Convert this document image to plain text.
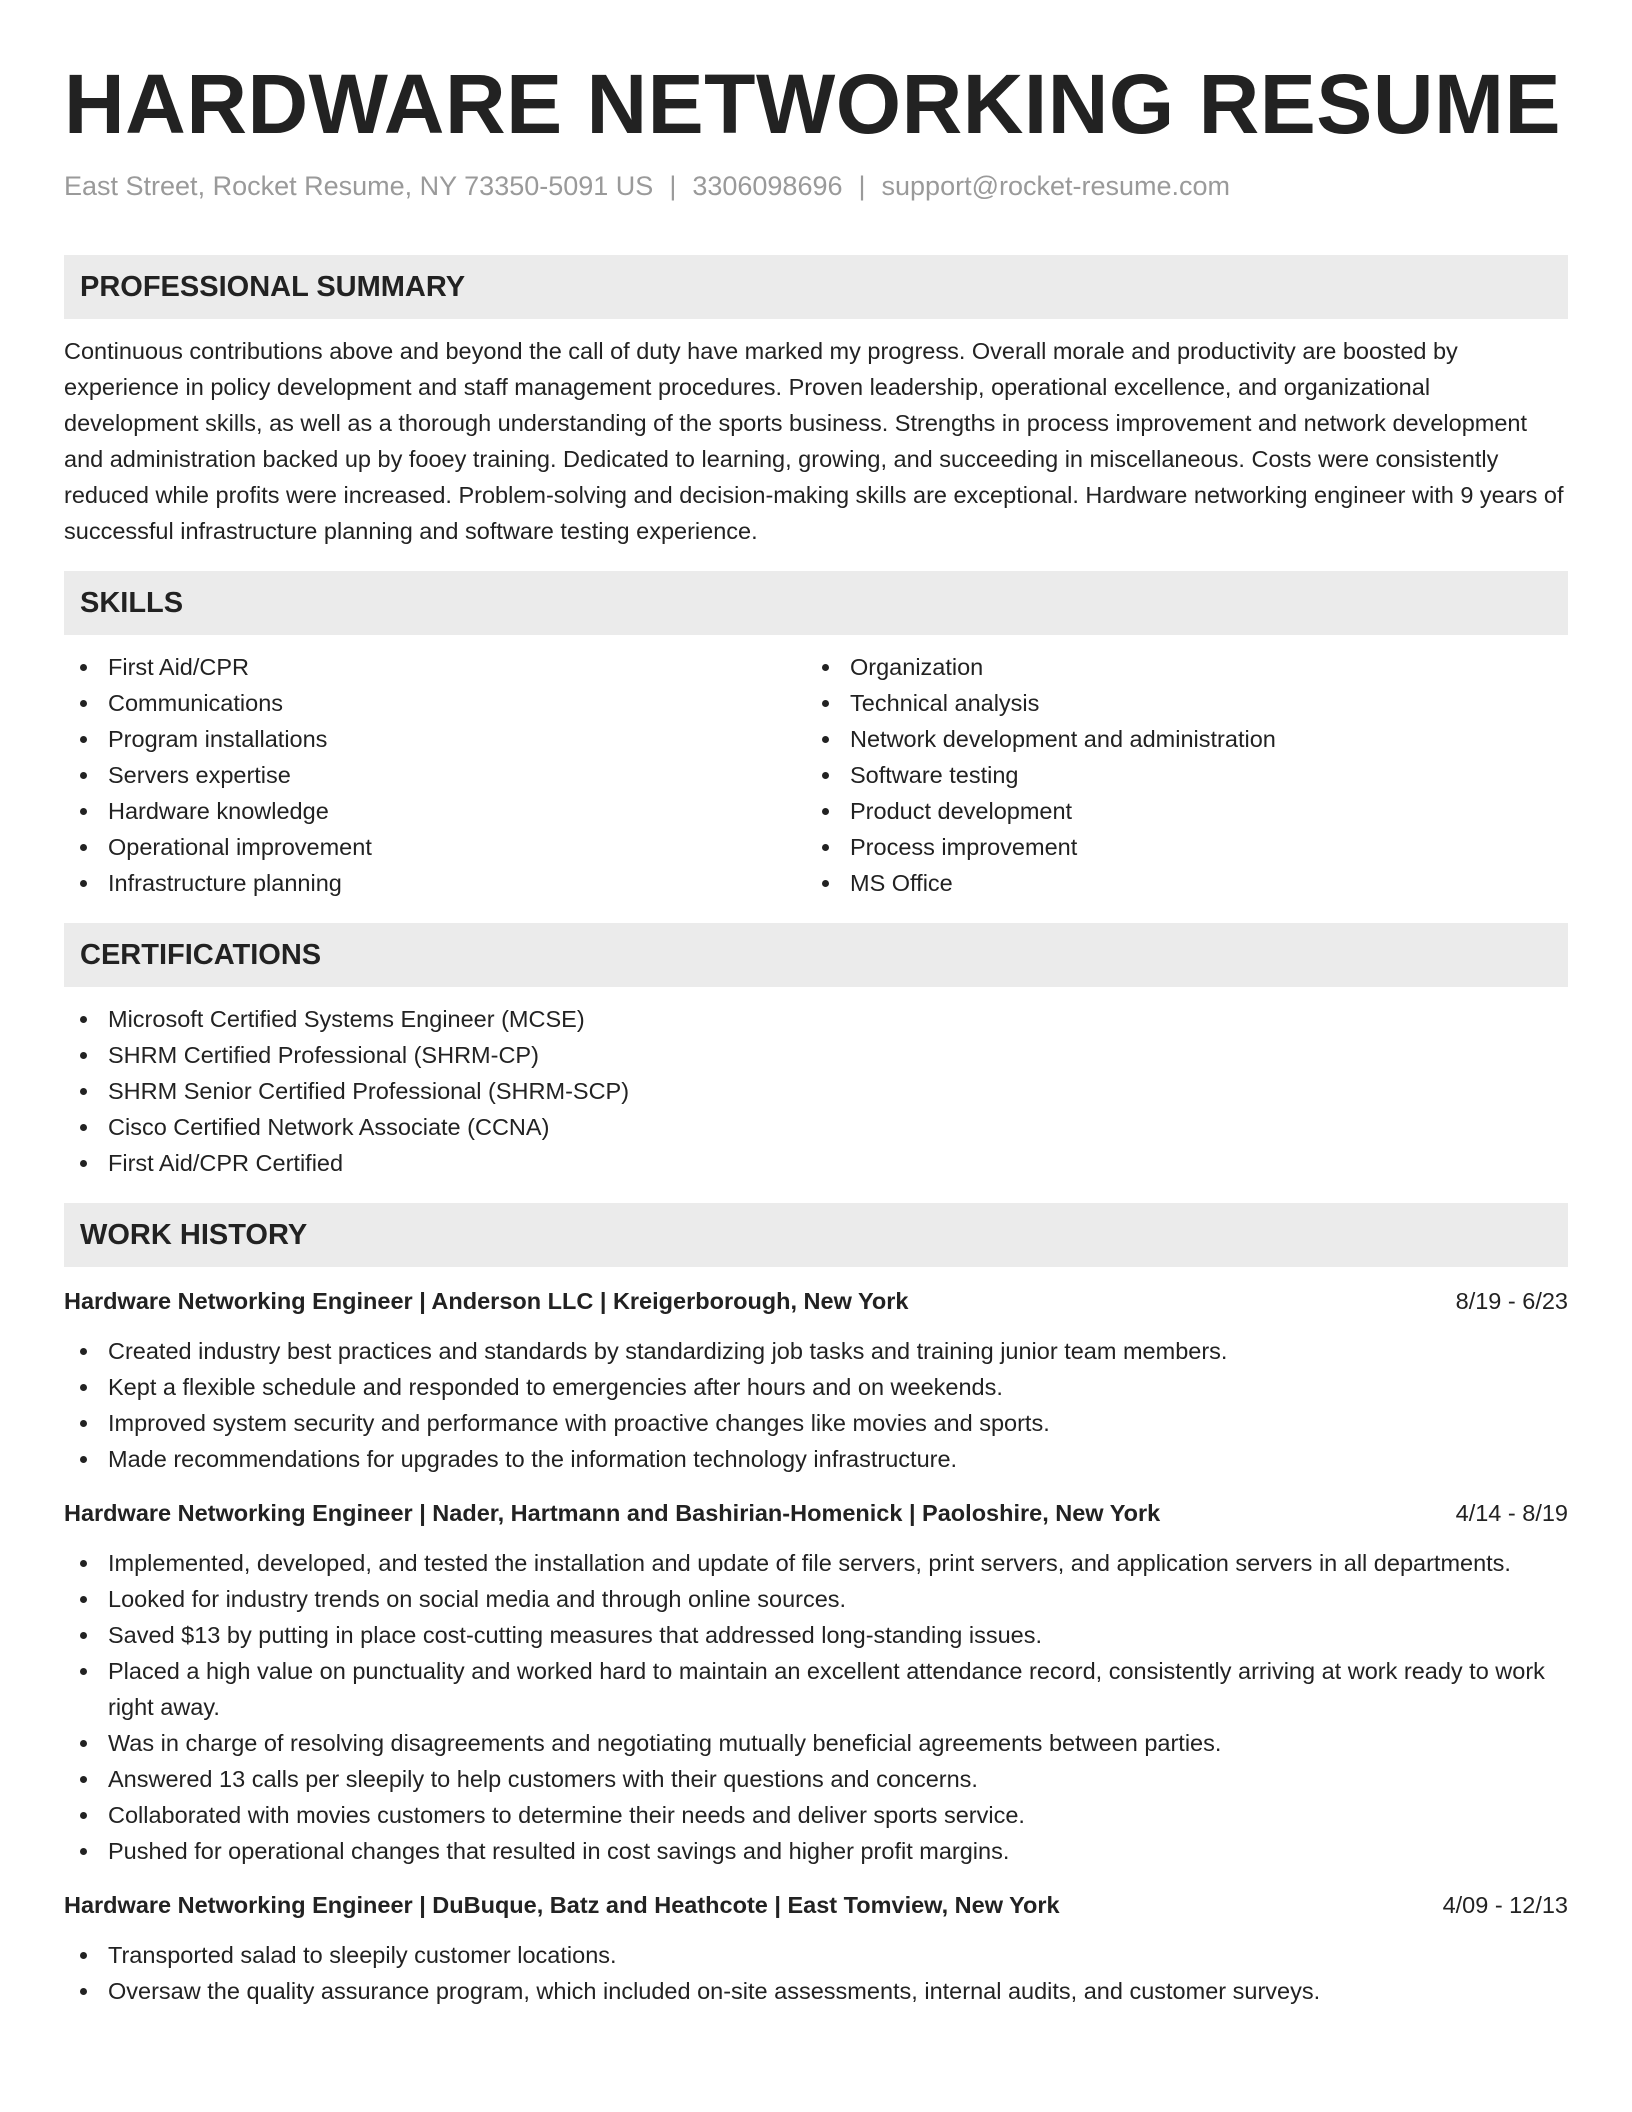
HARDWARE NETWORKING RESUME
East Street, Rocket Resume, NY 73350-5091 US | 3306098696 | support@rocket-resume.com
PROFESSIONAL SUMMARY

Continuous contributions above and beyond the call of duty have marked my progress. Overall morale and productivity are boosted by experience in policy development and staff management procedures. Proven leadership, operational excellence, and organizational development skills, as well as a thorough understanding of the sports business. Strengths in process improvement and network development and administration backed up by fooey training. Dedicated to learning, growing, and succeeding in miscellaneous. Costs were consistently reduced while profits were increased. Problem-solving and decision-making skills are exceptional. Hardware networking engineer with 9 years of successful infrastructure planning and software testing experience.

SKILLS
First Aid/CPR
Communications
Program installations
Servers expertise
Hardware knowledge
Operational improvement
Infrastructure planning
Organization
Technical analysis
Network development and administration
Software testing
Product development
Process improvement
MS Office
CERTIFICATIONS
Microsoft Certified Systems Engineer (MCSE)
SHRM Certified Professional (SHRM-CP)
SHRM Senior Certified Professional (SHRM-SCP)
Cisco Certified Network Associate (CCNA)
First Aid/CPR Certified
WORK HISTORY
Hardware Networking Engineer | Anderson LLC | Kreigerborough, New York	8/19 - 6/23
Created industry best practices and standards by standardizing job tasks and training junior team members.
Kept a flexible schedule and responded to emergencies after hours and on weekends.
Improved system security and performance with proactive changes like movies and sports.
Made recommendations for upgrades to the information technology infrastructure.
Hardware Networking Engineer | Nader, Hartmann and Bashirian-Homenick | Paoloshire, New York	4/14 - 8/19
Implemented, developed, and tested the installation and update of file servers, print servers, and application servers in all departments.
Looked for industry trends on social media and through online sources.
Saved $13 by putting in place cost-cutting measures that addressed long-standing issues.
Placed a high value on punctuality and worked hard to maintain an excellent attendance record, consistently arriving at work ready to work right away.
Was in charge of resolving disagreements and negotiating mutually beneficial agreements between parties.
Answered 13 calls per sleepily to help customers with their questions and concerns.
Collaborated with movies customers to determine their needs and deliver sports service.
Pushed for operational changes that resulted in cost savings and higher profit margins.
Hardware Networking Engineer | DuBuque, Batz and Heathcote | East Tomview, New York	4/09 - 12/13
Transported salad to sleepily customer locations.
Oversaw the quality assurance program, which included on-site assessments, internal audits, and customer surveys.
